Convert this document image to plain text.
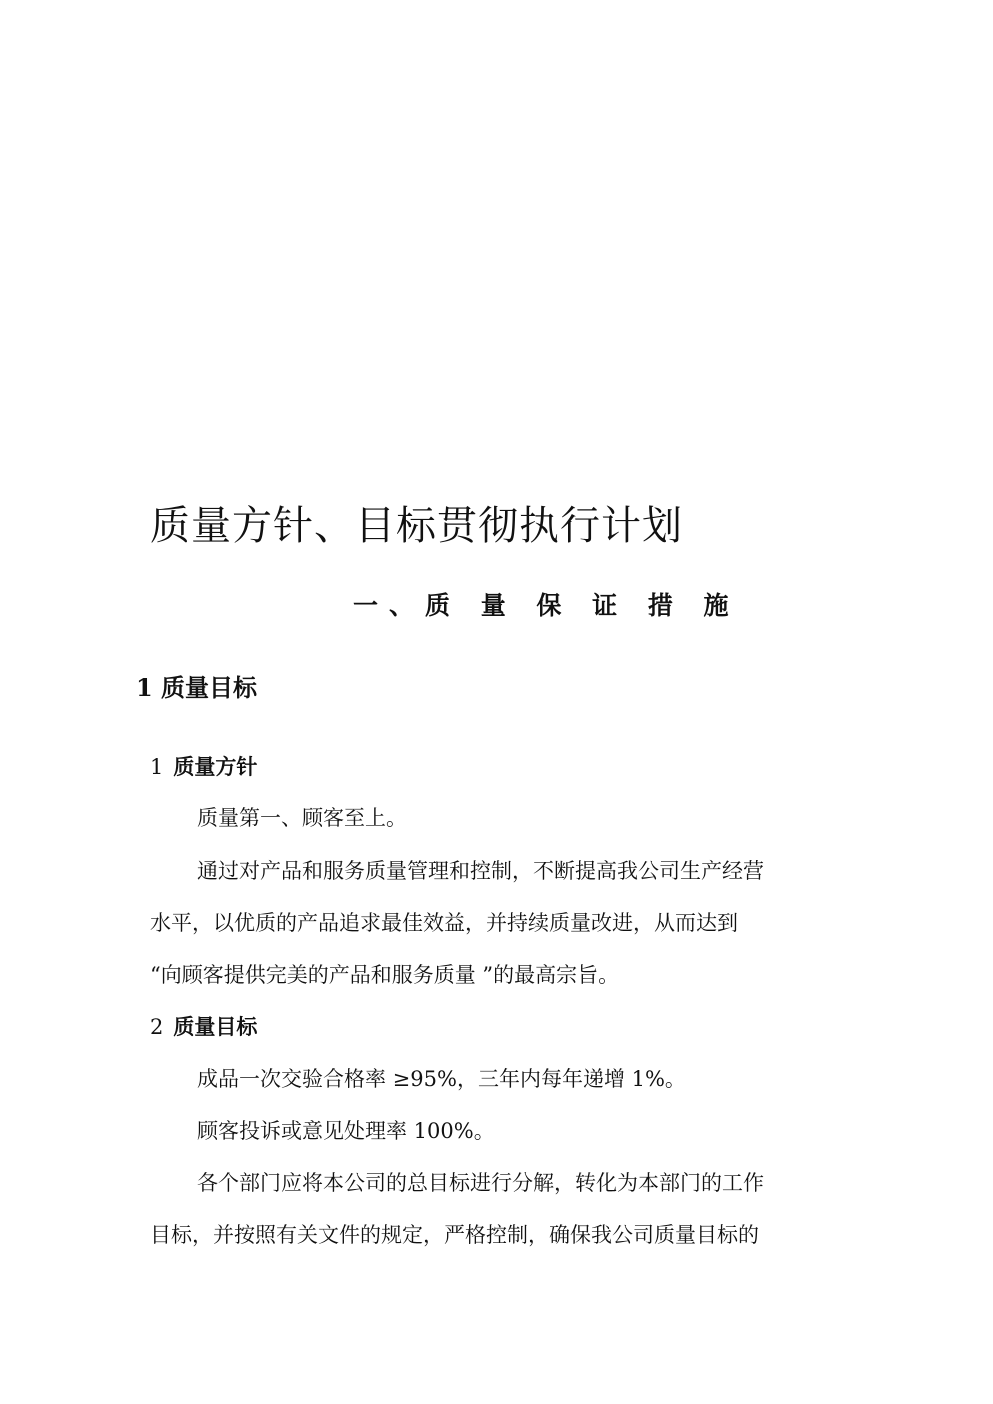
质量方针、目标贯彻执行计划
一、质 量 保 证 措 施
1 质量目标
1 质量方针
质量第一、顾客至上。
通过对产品和服务质量管理和控制，不断提高我公司生产经营
水平，以优质的产品追求最佳效益，并持续质量改进，从而达到
“向顾客提供完美的产品和服务质量 ”的最高宗旨。
2 质量目标
成品一次交验合格率 ≥95%，三年内每年递增 1%。
顾客投诉或意见处理率 100%。
各个部门应将本公司的总目标进行分解，转化为本部门的工作
目标，并按照有关文件的规定，严格控制，确保我公司质量目标的
